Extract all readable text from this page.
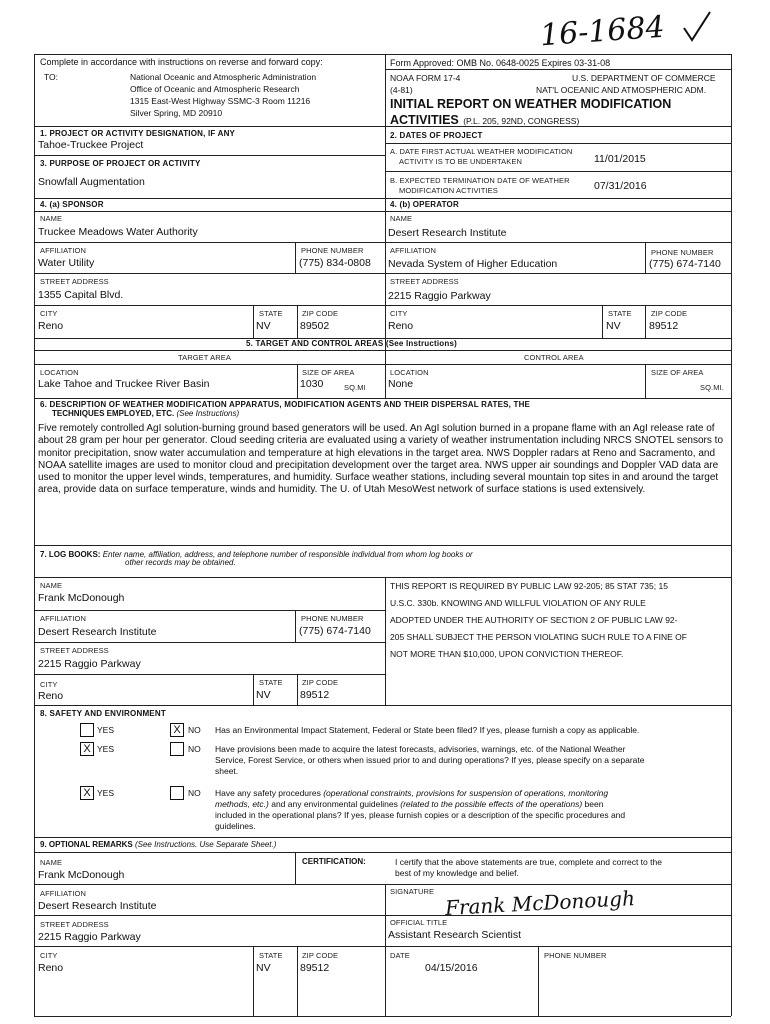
16-1684
Complete in accordance with instructions on reverse and forward copy:
TO:	National Oceanic and Atmospheric Administration
Office of Oceanic and Atmospheric Research
1315 East-West Highway SSMC-3 Room 11216
Silver Spring, MD 20910
Form Approved: OMB No. 0648-0025 Expires 03-31-08
NOAA FORM 17-4	U.S. DEPARTMENT OF COMMERCE
(4-81)	NAT'L OCEANIC AND ATMOSPHERIC ADM.
INITIAL REPORT ON WEATHER MODIFICATION
ACTIVITIES (P.L. 205, 92ND, CONGRESS)
1. PROJECT OR ACTIVITY DESIGNATION, IF ANY
Tahoe-Truckee Project
2. DATES OF PROJECT
A. DATE FIRST ACTUAL WEATHER MODIFICATION
ACTIVITY IS TO BE UNDERTAKEN	11/01/2015
B. EXPECTED TERMINATION DATE OF WEATHER
MODIFICATION ACTIVITIES	07/31/2016
3. PURPOSE OF PROJECT OR ACTIVITY
Snowfall Augmentation
4. (a) SPONSOR
NAME
Truckee Meadows Water Authority
AFFILIATION
Water Utility
PHONE NUMBER
(775) 834-0808
STREET ADDRESS
1355 Capital Blvd.
CITY
Reno
STATE
NV
ZIP CODE
89502
4. (b) OPERATOR
NAME
Desert Research Institute
AFFILIATION
Nevada System of Higher Education
PHONE NUMBER
(775) 674-7140
STREET ADDRESS
2215 Raggio Parkway
CITY
Reno
STATE
NV
ZIP CODE
89512
5. TARGET AND CONTROL AREAS (See Instructions)
TARGET AREA	CONTROL AREA
LOCATION
Lake Tahoe and Truckee River Basin
SIZE OF AREA
1030	SQ.MI
LOCATION
None
SIZE OF AREA
SQ.MI.
6. DESCRIPTION OF WEATHER MODIFICATION APPARATUS, MODIFICATION AGENTS AND THEIR DISPERSAL RATES, THE
TECHNIQUES EMPLOYED, ETC. (See Instructions)
Five remotely controlled AgI solution-burning ground based generators will be used. An AgI solution burned in a propane flame with an AgI release rate of about 28 gram per hour per generator. Cloud seeding criteria are evaluated using a variety of weather instrumentation including NRCS SNOTEL sensors to monitor precipitation, snow water accumulation and temperature at high elevations in the target area. NWS Doppler radars at Reno and Sacramento, and NOAA satellite images are used to monitor cloud and precipitation development over the target area. NWS upper air soundings and Doppler VAD data are used to monitor the upper level winds, temperatures, and humidity. Surface weather stations, including several mountain top sites in and around the target area, provide data on surface temperature, winds and humidity. The U. of Utah MesoWest network of surface stations is used extensively.
7. LOG BOOKS: Enter name, affiliation, address, and telephone number of responsible individual from whom log books or
other records may be obtained.
NAME
Frank McDonough
AFFILIATION
Desert Research Institute
PHONE NUMBER
(775) 674-7140
STREET ADDRESS
2215 Raggio Parkway
CITY
Reno
STATE
NV
ZIP CODE
89512
THIS REPORT IS REQUIRED BY PUBLIC LAW 92-205; 85 STAT 735; 15
U.S.C. 330b. KNOWING AND WILLFUL VIOLATION OF ANY RULE
ADOPTED UNDER THE AUTHORITY OF SECTION 2 OF PUBLIC LAW 92-
205 SHALL SUBJECT THE PERSON VIOLATING SUCH RULE TO A FINE OF
NOT MORE THAN $10,000, UPON CONVICTION THEREOF.
8. SAFETY AND ENVIRONMENT
YES	X NO Has an Environmental Impact Statement, Federal or State been filed? If yes, please furnish a copy as applicable.
X YES	NO Have provisions been made to acquire the latest forecasts, advisories, warnings, etc. of the National Weather
Service, Forest Service, or others when issued prior to and during operations? If yes, please specify on a separate
sheet.
X YES	NO Have any safety procedures (operational constraints, provisions for suspension of operations, monitoring
methods, etc.) and any environmental guidelines (related to the possible effects of the operations) been
included in the operational plans? If yes, please furnish copies or a description of the specific procedures and
guidelines.
9. OPTIONAL REMARKS (See Instructions. Use Separate Sheet.)
NAME
Frank McDonough
CERTIFICATION:	I certify that the above statements are true, complete and correct to the
best of my knowledge and belief.
AFFILIATION
Desert Research Institute
SIGNATURE Frank McDonough
STREET ADDRESS
2215 Raggio Parkway
OFFICIAL TITLE
Assistant Research Scientist
CITY
Reno
STATE
NV
ZIP CODE
89512
DATE
04/15/2016
PHONE NUMBER
